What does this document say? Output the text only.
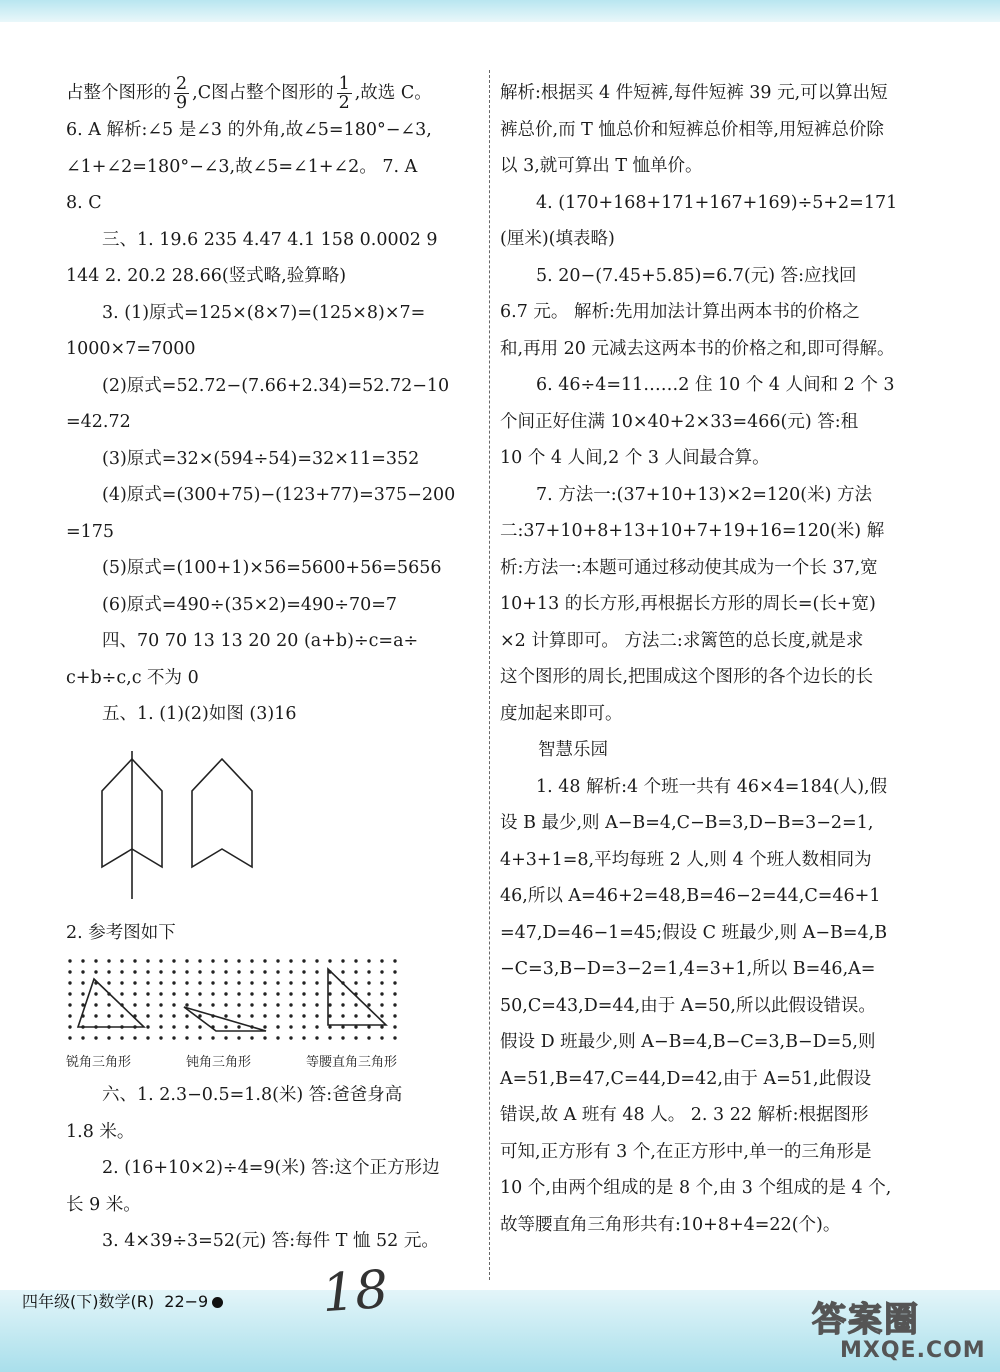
占整个图形的 $\frac{2}{9} ,C$图占整个图形的 $\frac{1}{2}$ ,故选 C。
6. A 解析:∠5 是∠3 的外角,故∠5=180°−∠3,
∠1+∠2=180°−∠3,故∠5=∠1+∠2。 7. A
8. C
三、1. 19.6 235 4.47 4.1 158 0.0002 9
144 2. 20.2 28.66(竖式略,验算略)
3. (1)原式=125×(8×7)=(125×8)×7=
1000×7=7000
(2)原式=52.72−(7.66+2.34)=52.72−10
=42.72
(3)原式=32×(594÷54)=32×11=352
(4)原式=(300+75)−(123+77)=375−200
=175
(5)原式=(100+1)×56=5600+56=5656
(6)原式=490÷(35×2)=490÷70=7
四、70 70 13 13 20 20 (a+b)÷c=a÷
c+b÷c,c 不为 0
五、1. (1)(2)如图 (3)16
2. 参考图如下
锐角三角形	钝角三角形	等腰直角三角形
六、1. 2.3−0.5=1.8(米) 答:爸爸身高
1.8 米。
2. (16+10×2)÷4=9(米) 答:这个正方形边
长 9 米。
3. 4×39÷3=52(元) 答:每件 T 恤 52 元。
解析:根据买 4 件短裤,每件短裤 39 元,可以算出短
裤总价,而 T 恤总价和短裤总价相等,用短裤总价除
以 3,就可算出 T 恤单价。
4. (170+168+171+167+169)÷5+2=171
(厘米)(填表略)
5. 20−(7.45+5.85)=6.7(元) 答:应找回
6.7 元。 解析:先用加法计算出两本书的价格之
和,再用 20 元减去这两本书的价格之和,即可得解。
6. 46÷4=11……2 住 10 个 4 人间和 2 个 3
个间正好住满 10×40+2×33=466(元) 答:租
10 个 4 人间,2 个 3 人间最合算。
7. 方法一:(37+10+13)×2=120(米) 方法
二:37+10+8+13+10+7+19+16=120(米) 解
析:方法一:本题可通过移动使其成为一个长 37,宽
10+13 的长方形,再根据长方形的周长=(长+宽)
×2 计算即可。 方法二:求篱笆的总长度,就是求
这个图形的周长,把围成这个图形的各个边长的长
度加起来即可。
智慧乐园
1. 48 解析:4 个班一共有 46×4=184(人),假
设 B 最少,则 A−B=4,C−B=3,D−B=3−2=1,
4+3+1=8,平均每班 2 人,则 4 个班人数相同为
46,所以 A=46+2=48,B=46−2=44,C=46+1
=47,D=46−1=45;假设 C 班最少,则 A−B=4,B
−C=3,B−D=3−2=1,4=3+1,所以 B=46,A=
50,C=43,D=44,由于 A=50,所以此假设错误。
假设 D 班最少,则 A−B=4,B−C=3,B−D=5,则
A=51,B=47,C=44,D=42,由于 A=51,此假设
错误,故 A 班有 48 人。 2. 3 22 解析:根据图形
可知,正方形有 3 个,在正方形中,单一的三角形是
10 个,由两个组成的是 8 个,由 3 个组成的是 4 个,
故等腰直角三角形共有:10+8+4=22(个)。
四年级(下)数学(R) 22−9 18	答案圈
MXQE.COM
